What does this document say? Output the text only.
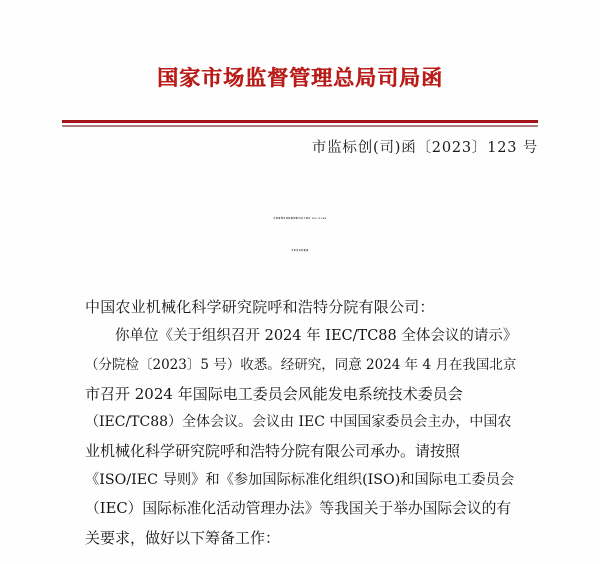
国家市场监督管理总局司局函
市监标创(司)函〔2023〕123 号
市场监管总局标准创新司关于承办 IEC/TC88
全体会议的复函
中国农业机械化科学研究院呼和浩特分院有限公司：
你单位《关于组织召开 2024 年 IEC/TC88 全体会议的请示》
（分院检〔2023〕5 号）收悉。经研究，同意 2024 年 4 月在我国北京
市召开 2024 年国际电工委员会风能发电系统技术委员会
（IEC/TC88）全体会议。会议由 IEC 中国国家委员会主办，中国农
业机械化科学研究院呼和浩特分院有限公司承办。请按照
《ISO/IEC 导则》和《参加国际标准化组织(ISO)和国际电工委员会
（IEC）国际标准化活动管理办法》等我国关于举办国际会议的有
关要求，做好以下筹备工作：
